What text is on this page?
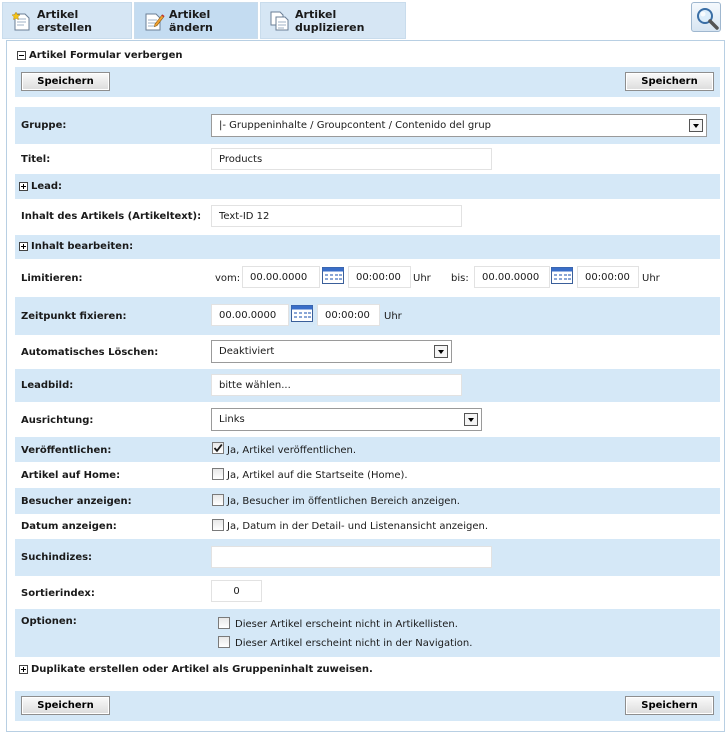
Artikel erstellen
Artikel ändern
Artikel duplizieren
Artikel Formular verbergen
Speichern	Speichern
Gruppe:	|- Gruppeninhalte / Groupcontent / Contenido del grup
Titel:	Products
Lead:
Inhalt des Artikels (Artikeltext):	Text-ID 12
Inhalt bearbeiten:
Limitieren:	vom: 00.00.0000	00:00:00	Uhr bis:	00.00.0000	00:00:00	Uhr
Zeitpunkt fixieren:	00.00.0000	00:00:00	Uhr
Automatisches Löschen:	Deaktiviert
Leadbild:	bitte wählen...
Ausrichtung:	Links
Veröffentlichen:	Ja, Artikel veröffentlichen.
Artikel auf Home:	Ja, Artikel auf die Startseite (Home).
Besucher anzeigen:	Ja, Besucher im öffentlichen Bereich anzeigen.
Datum anzeigen:	Ja, Datum in der Detail- und Listenansicht anzeigen.
Suchindizes:
Sortierindex:	0
Optionen:	Dieser Artikel erscheint nicht in Artikellisten.
Dieser Artikel erscheint nicht in der Navigation.
Duplikate erstellen oder Artikel als Gruppeninhalt zuweisen.
Speichern	Speichern
